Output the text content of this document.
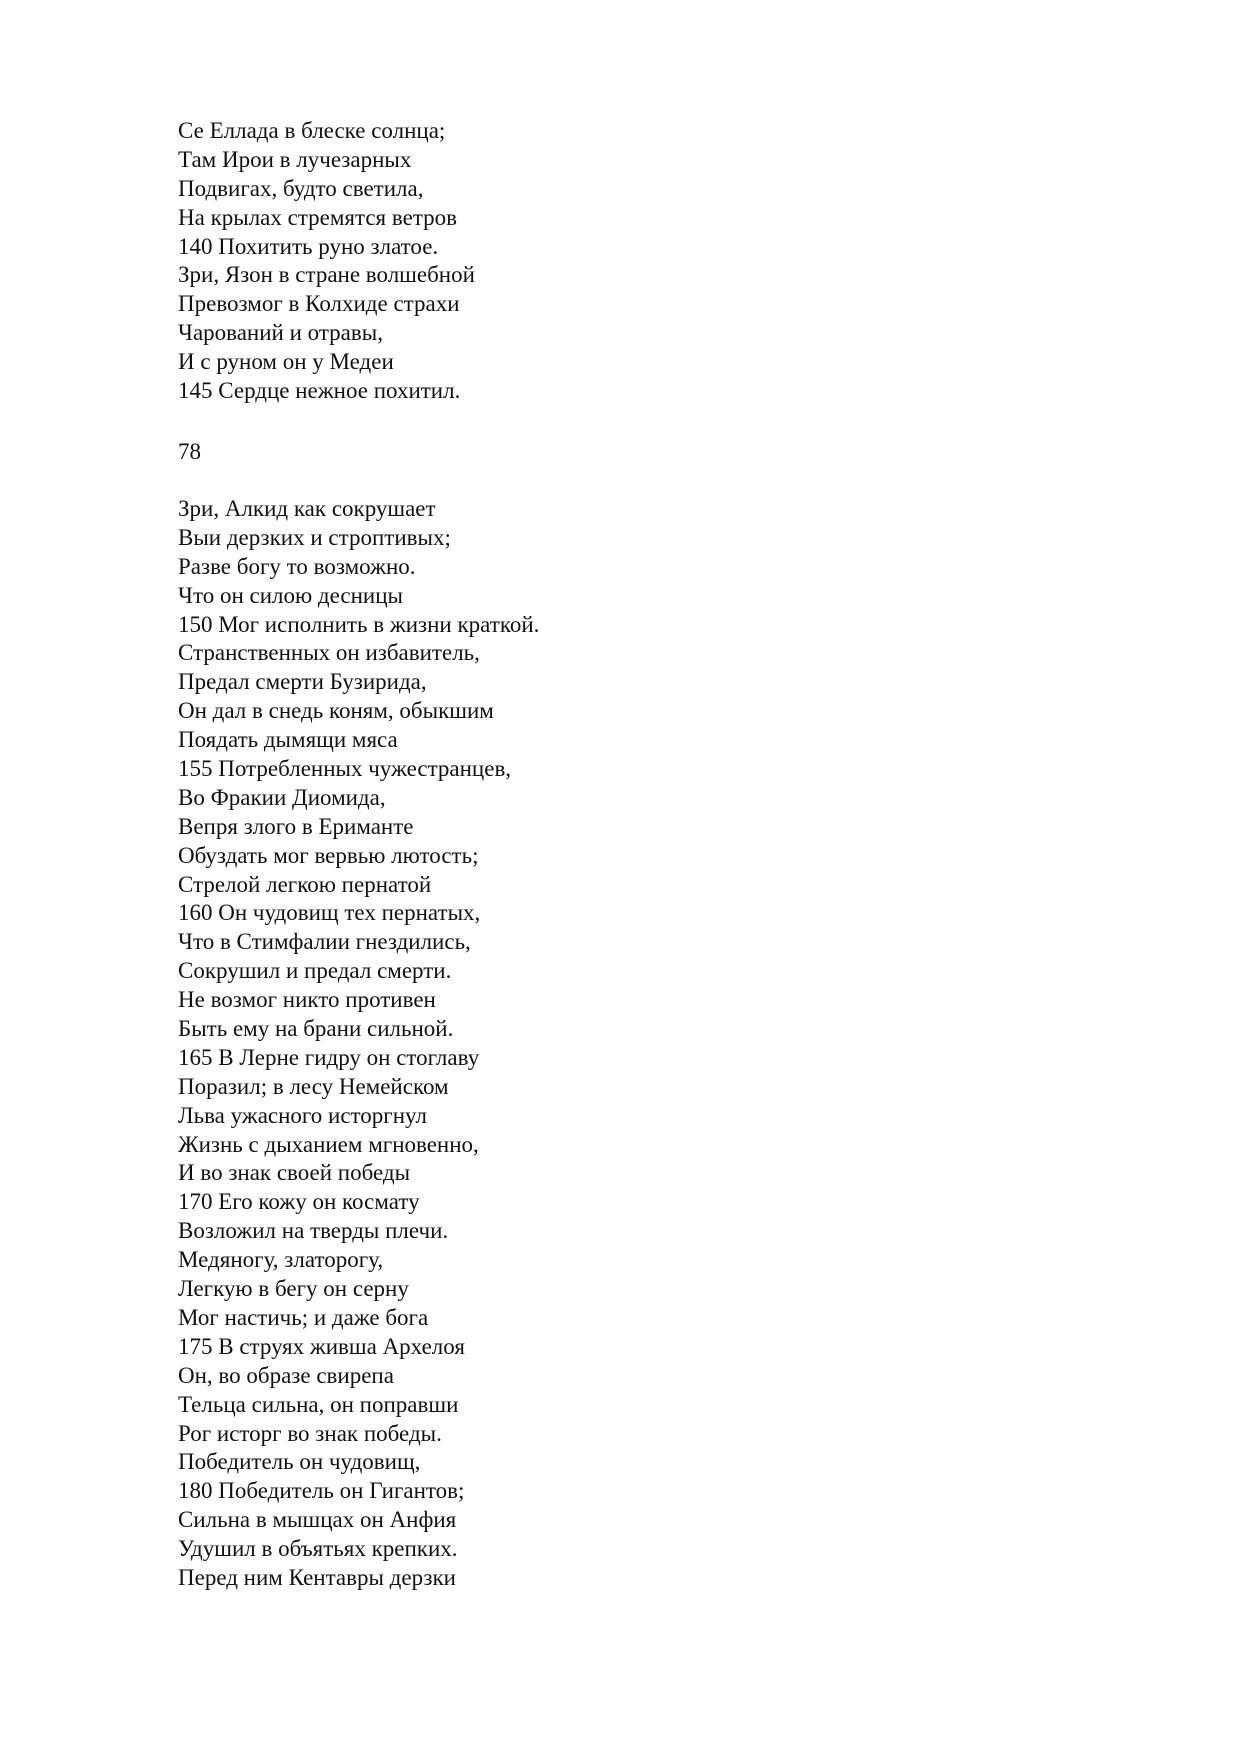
Се Еллада в блеске солнца;
Там Ирои в лучезарных
Подвигах, будто светила,
На крылах стремятся ветров
140 Похитить руно златое.
Зри, Язон в стране волшебной
Превозмог в Колхиде страхи
Чарований и отравы,
И с руном он у Медеи
145 Сердце нежное похитил.

78

Зри, Алкид как сокрушает
Выи дерзких и строптивых;
Разве богу то возможно.
Что он силою десницы
150 Мог исполнить в жизни краткой.
Странственных он избавитель,
Предал смерти Бузирида,
Он дал в снедь коням, обыкшим
Поядать дымящи мяса
155 Потребленных чужестранцев,
Во Фракии Диомида,
Вепря злого в Ериманте
Обуздать мог вервью лютость;
Стрелой легкою пернатой
160 Он чудовищ тех пернатых,
Что в Стимфалии гнездились,
Сокрушил и предал смерти.
Не возмог никто противен
Быть ему на брани сильной.
165 В Лерне гидру он стоглаву
Поразил; в лесу Немейском
Льва ужасного исторгнул
Жизнь с дыханием мгновенно,
И во знак своей победы
170 Его кожу он космату
Возложил на тверды плечи.
Медяногу, златорогу,
Легкую в бегу он серну
Мог настичь; и даже бога
175 В струях живша Архелоя
Он, во образе свирепа
Тельца сильна, он поправши
Рог исторг во знак победы.
Победитель он чудовищ,
180 Победитель он Гигантов;
Сильна в мышцах он Анфия
Удушил в объятьях крепких.
Перед ним Кентавры дерзки
